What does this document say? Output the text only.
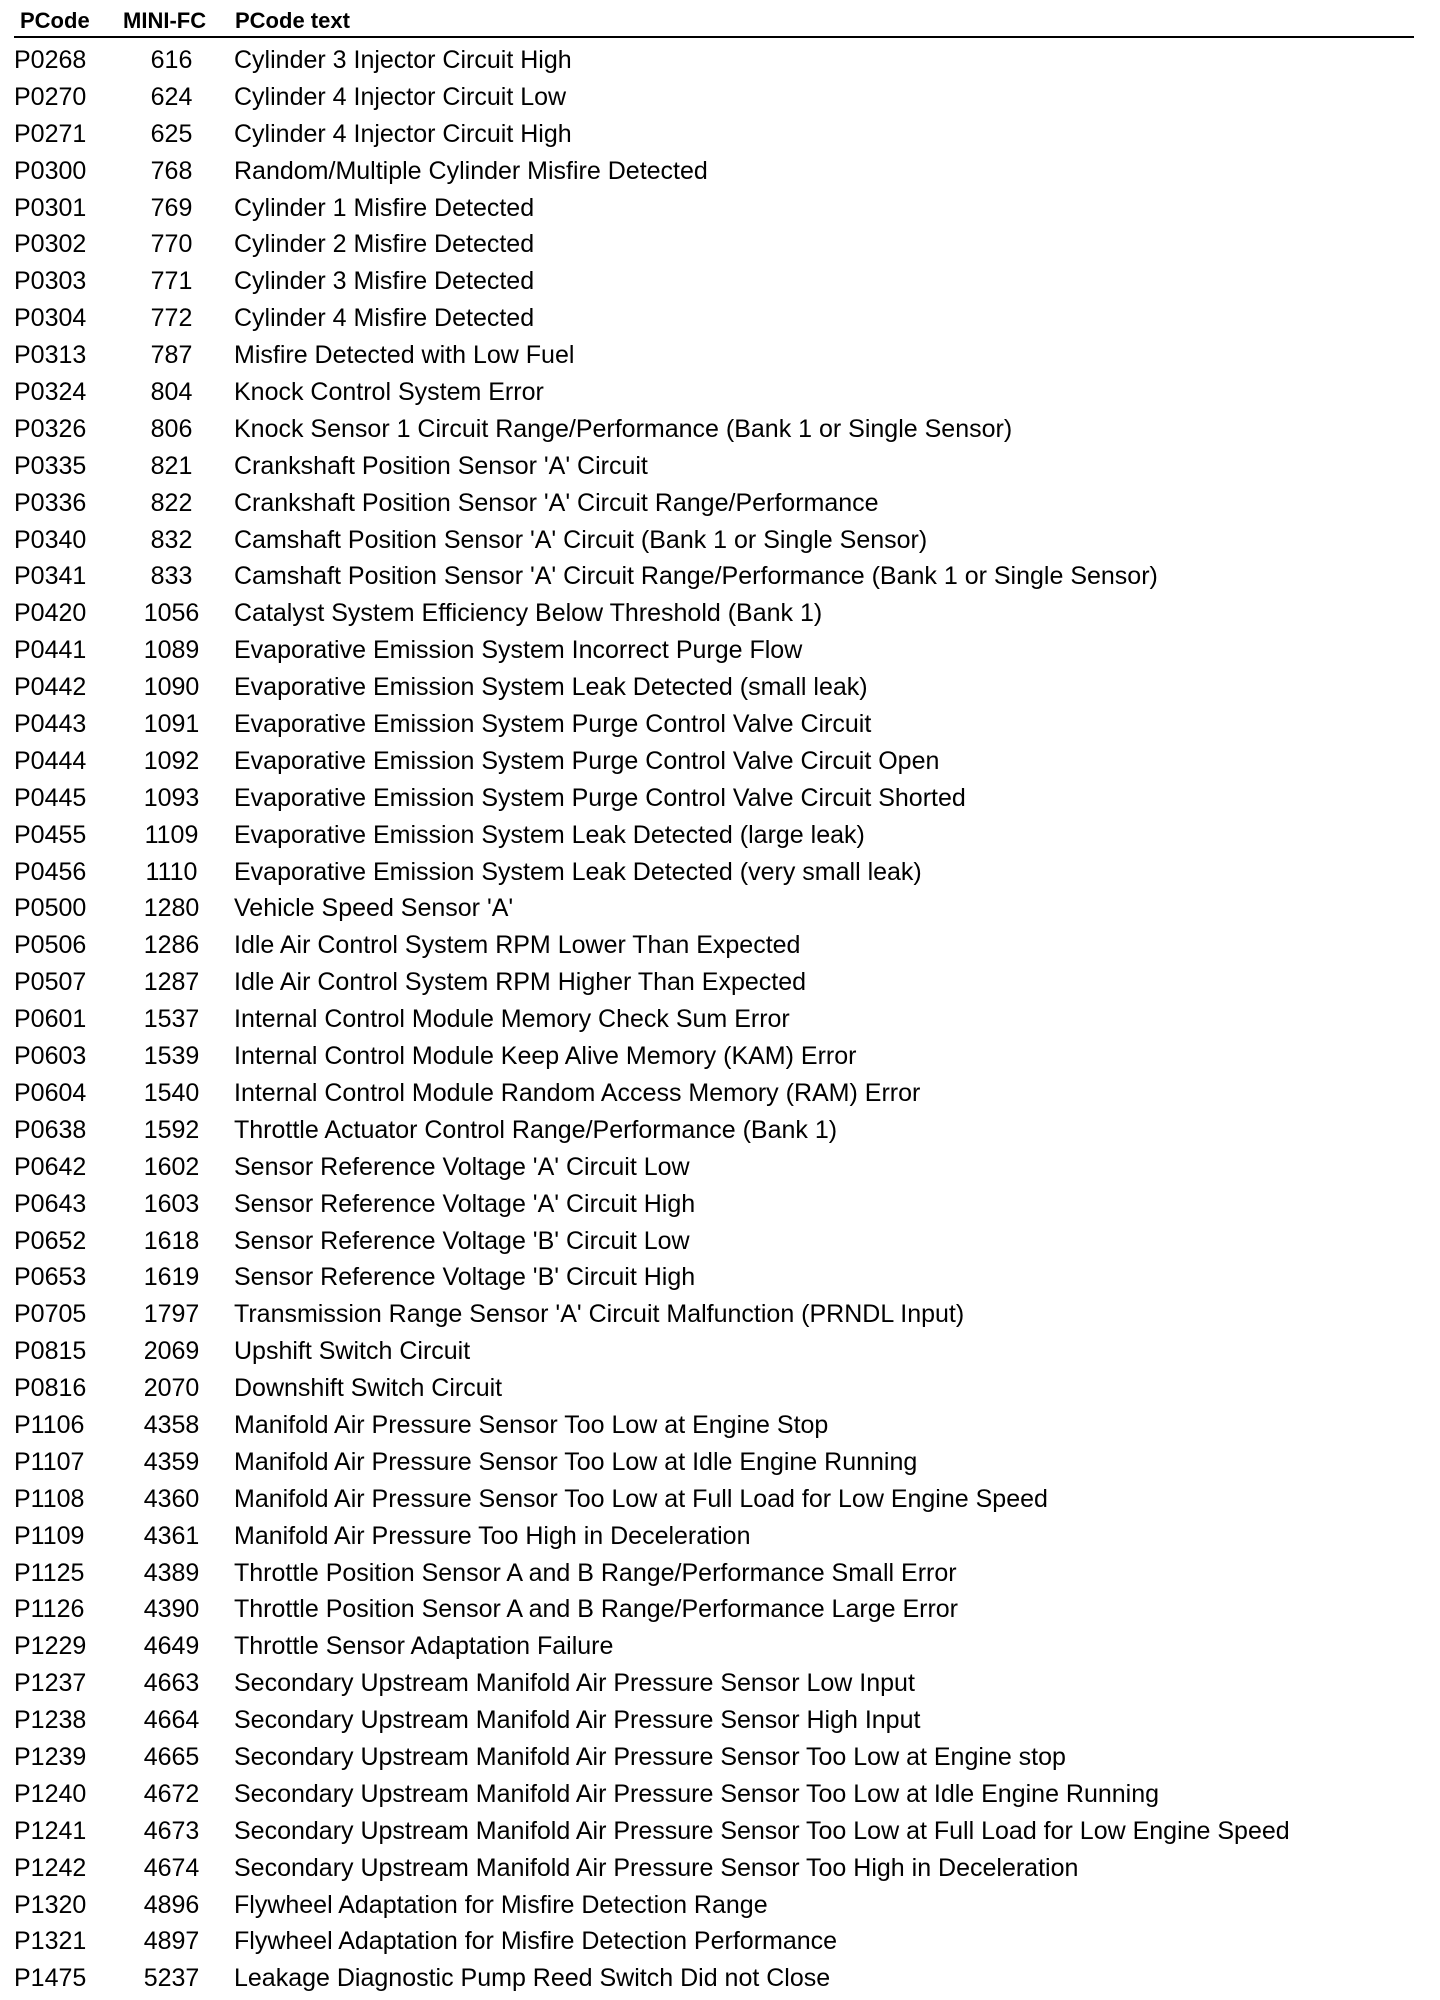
PCode MINI-FC PCode text
P0268	616	Cylinder 3 Injector Circuit High
P0270	624	Cylinder 4 Injector Circuit Low
P0271	625	Cylinder 4 Injector Circuit High
P0300	768	Random/Multiple Cylinder Misfire Detected
P0301	769	Cylinder 1 Misfire Detected
P0302	770	Cylinder 2 Misfire Detected
P0303	771	Cylinder 3 Misfire Detected
P0304	772	Cylinder 4 Misfire Detected
P0313	787	Misfire Detected with Low Fuel
P0324	804	Knock Control System Error
P0326	806	Knock Sensor 1 Circuit Range/Performance (Bank 1 or Single Sensor)
P0335	821	Crankshaft Position Sensor 'A' Circuit
P0336	822	Crankshaft Position Sensor 'A' Circuit Range/Performance
P0340	832	Camshaft Position Sensor 'A' Circuit (Bank 1 or Single Sensor)
P0341	833	Camshaft Position Sensor 'A' Circuit Range/Performance (Bank 1 or Single Sensor)
P0420	1056	Catalyst System Efficiency Below Threshold (Bank 1)
P0441	1089	Evaporative Emission System Incorrect Purge Flow
P0442	1090	Evaporative Emission System Leak Detected (small leak)
P0443	1091	Evaporative Emission System Purge Control Valve Circuit
P0444	1092	Evaporative Emission System Purge Control Valve Circuit Open
P0445	1093	Evaporative Emission System Purge Control Valve Circuit Shorted
P0455	1109	Evaporative Emission System Leak Detected (large leak)
P0456	1110	Evaporative Emission System Leak Detected (very small leak)
P0500	1280	Vehicle Speed Sensor 'A'
P0506	1286	Idle Air Control System RPM Lower Than Expected
P0507	1287	Idle Air Control System RPM Higher Than Expected
P0601	1537	Internal Control Module Memory Check Sum Error
P0603	1539	Internal Control Module Keep Alive Memory (KAM) Error
P0604	1540	Internal Control Module Random Access Memory (RAM) Error
P0638	1592	Throttle Actuator Control Range/Performance (Bank 1)
P0642	1602	Sensor Reference Voltage 'A' Circuit Low
P0643	1603	Sensor Reference Voltage 'A' Circuit High
P0652	1618	Sensor Reference Voltage 'B' Circuit Low
P0653	1619	Sensor Reference Voltage 'B' Circuit High
P0705	1797	Transmission Range Sensor 'A' Circuit Malfunction (PRNDL Input)
P0815	2069	Upshift Switch Circuit
P0816	2070	Downshift Switch Circuit
P1106	4358	Manifold Air Pressure Sensor Too Low at Engine Stop
P1107	4359	Manifold Air Pressure Sensor Too Low at Idle Engine Running
P1108	4360	Manifold Air Pressure Sensor Too Low at Full Load for Low Engine Speed
P1109	4361	Manifold Air Pressure Too High in Deceleration
P1125	4389	Throttle Position Sensor A and B Range/Performance Small Error
P1126	4390	Throttle Position Sensor A and B Range/Performance Large Error
P1229	4649	Throttle Sensor Adaptation Failure
P1237	4663	Secondary Upstream Manifold Air Pressure Sensor Low Input
P1238	4664	Secondary Upstream Manifold Air Pressure Sensor High Input
P1239	4665	Secondary Upstream Manifold Air Pressure Sensor Too Low at Engine stop
P1240	4672	Secondary Upstream Manifold Air Pressure Sensor Too Low at Idle Engine Running
P1241	4673	Secondary Upstream Manifold Air Pressure Sensor Too Low at Full Load for Low Engine Speed
P1242	4674	Secondary Upstream Manifold Air Pressure Sensor Too High in Deceleration
P1320	4896	Flywheel Adaptation for Misfire Detection Range
P1321	4897	Flywheel Adaptation for Misfire Detection Performance
P1475	5237	Leakage Diagnostic Pump Reed Switch Did not Close
